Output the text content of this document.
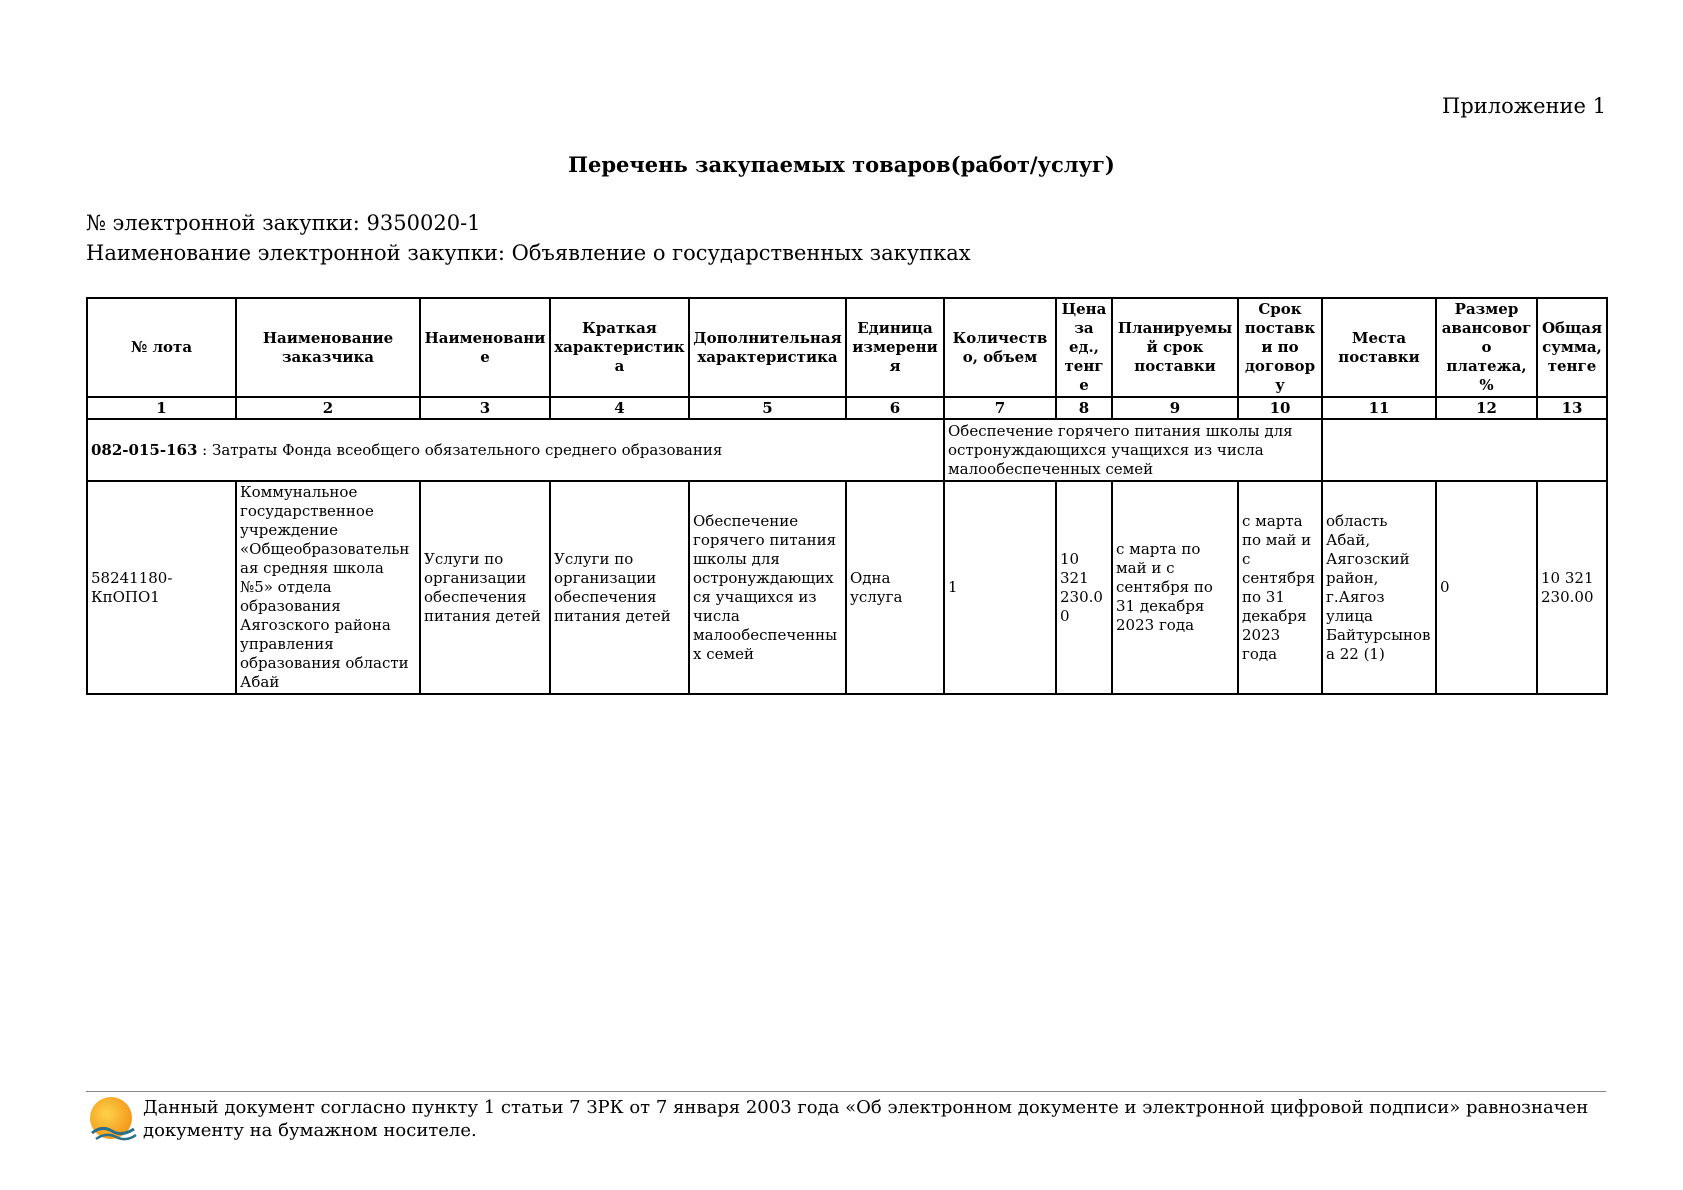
Приложение 1
Перечень закупаемых товаров(работ/услуг)
№ электронной закупки: 9350020-1
Наименование электронной закупки: Объявление о государственных закупках
№ лота	Наименование заказчика	Наименование	Краткая характеристика	Дополнительная характеристика	Единица измерения	Количество, объем	Цена за ед., тенге	Планируемый срок поставки	Срок поставки по договору	Места поставки	Размер авансового платежа, %	Общая сумма, тенге
1	2	3	4	5	6	7	8	9	10	11	12	13
082-015-163 : Затраты Фонда всеобщего обязательного среднего образования						Обеспечение горячего питания школы для остронуждающихся учащихся из числа малообеспеченных семей						
58241180-КпОПО1	Коммунальное государственное учреждение «Общеобразовательная средняя школа №5» отдела образования Аягозского района управления образования области Абай	Услуги по организации обеспечения питания детей	Услуги по организации обеспечения питания детей	Обеспечение горячего питания школы для остронуждающихся учащихся из числа малообеспеченных семей	Одна услуга	1	10 321 230.00	с марта по май и с сентября по 31 декабря 2023 года	с марта по май и с сентября по 31 декабря 2023 года	область Абай, Аягозский район, г.Аягоз улица Байтурсынова 22 (1)	0	10 321 230.00
Данный документ согласно пункту 1 статьи 7 ЗРК от 7 января 2003 года «Об электронном документе и электронной цифровой подписи» равнозначен документу на бумажном носителе.
